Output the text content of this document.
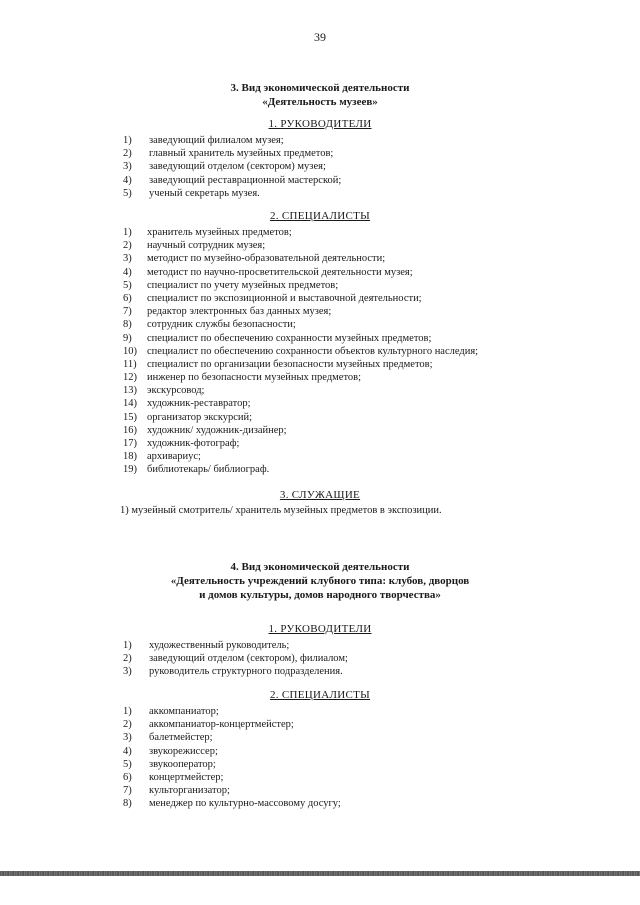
39
3. Вид экономической деятельности
«Деятельность музеев»
1. РУКОВОДИТЕЛИ
1) заведующий филиалом музея;
2) главный хранитель музейных предметов;
3) заведующий отделом (сектором) музея;
4) заведующий реставрационной мастерской;
5) ученый секретарь музея.
2. СПЕЦИАЛИСТЫ
1) хранитель музейных предметов;
2) научный сотрудник музея;
3) методист по музейно-образовательной деятельности;
4) методист по научно-просветительской деятельности музея;
5) специалист по учету музейных предметов;
6) специалист по экспозиционной и выставочной деятельности;
7) редактор электронных баз данных музея;
8) сотрудник службы безопасности;
9) специалист по обеспечению сохранности музейных предметов;
10) специалист по обеспечению сохранности объектов культурного наследия;
11) специалист по организации безопасности музейных предметов;
12) инженер по безопасности музейных предметов;
13) экскурсовод;
14) художник-реставратор;
15) организатор экскурсий;
16) художник/ художник-дизайнер;
17) художник-фотограф;
18) архивариус;
19) библиотекарь/ библиограф.
3. СЛУЖАЩИЕ
1) музейный смотритель/ хранитель музейных предметов в экспозиции.
4. Вид экономической деятельности
«Деятельность учреждений клубного типа: клубов, дворцов
и домов культуры, домов народного творчества»
1. РУКОВОДИТЕЛИ
1) художественный руководитель;
2) заведующий отделом (сектором), филиалом;
3) руководитель структурного подразделения.
2. СПЕЦИАЛИСТЫ
1) аккомпаниатор;
2) аккомпаниатор-концертмейстер;
3) балетмейстер;
4) звукорежиссер;
5) звукооператор;
6) концертмейстер;
7) культорганизатор;
8) менеджер по культурно-массовому досугу;
